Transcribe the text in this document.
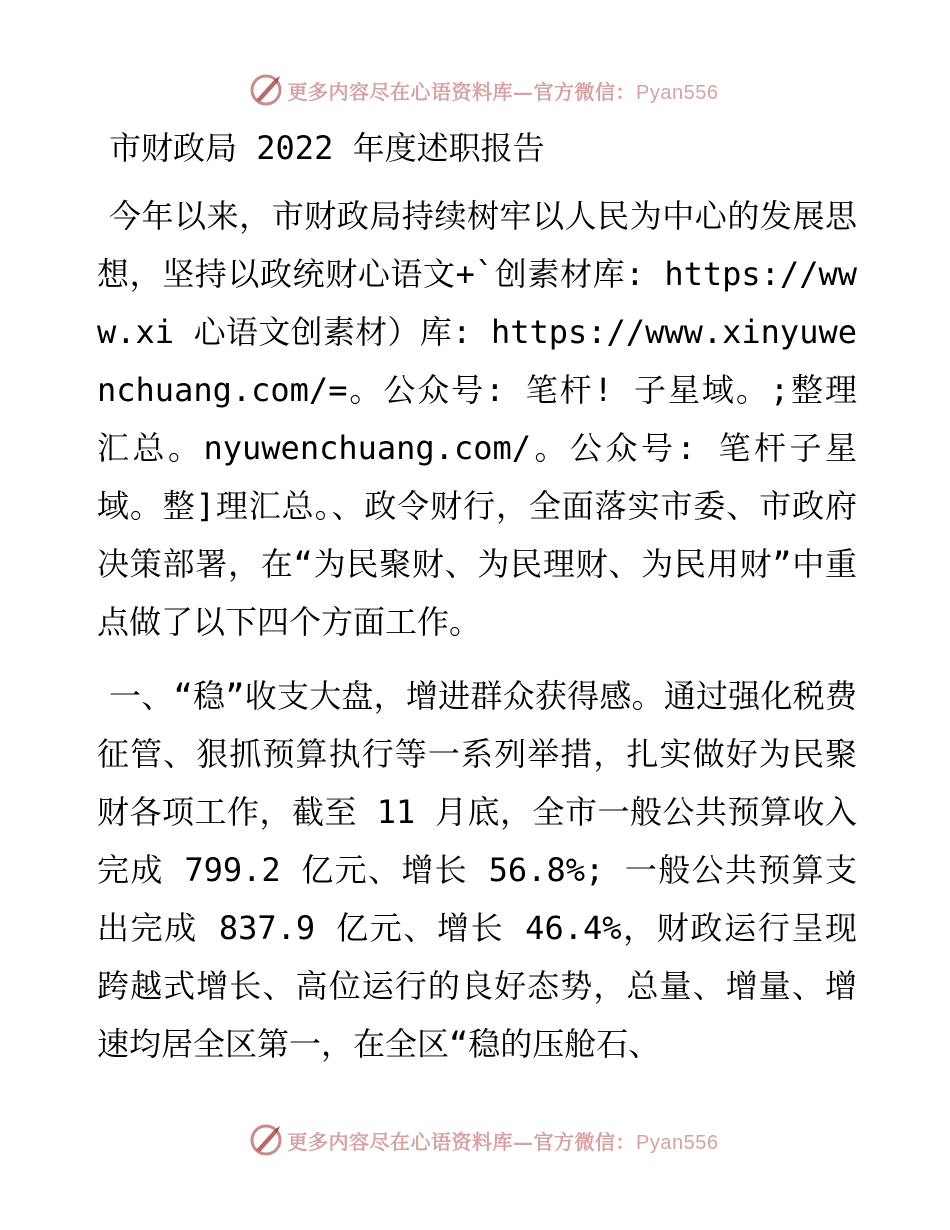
更多内容尽在心语资料库—官方微信：Pyan556
市财政局 2022 年度述职报告

今年以来，市财政局持续树牢以人民为中心的发展思想，坚持以政统财心语文+`创素材库: https://www.xi 心语文创素材）库: https://www.xinyuwenchuang.com/=。公众号: 笔杆! 子星域。;整理汇总。nyuwenchuang.com/。公众号: 笔杆子星域。整]理汇总。、政令财行，全面落实市委、市政府决策部署，在“为民聚财、为民理财、为民用财”中重点做了以下四个方面工作。

一、“稳”收支大盘，增进群众获得感。通过强化税费征管、狠抓预算执行等一系列举措，扎实做好为民聚财各项工作，截至 11 月底，全市一般公共预算收入完成 799.2 亿元、增长 56.8%; 一般公共预算支出完成 837.9 亿元、增长 46.4%，财政运行呈现跨越式增长、高位运行的良好态势，总量、增量、增速均居全区第一，在全区“稳的压舱石、

更多内容尽在心语资料库—官方微信：Pyan556
